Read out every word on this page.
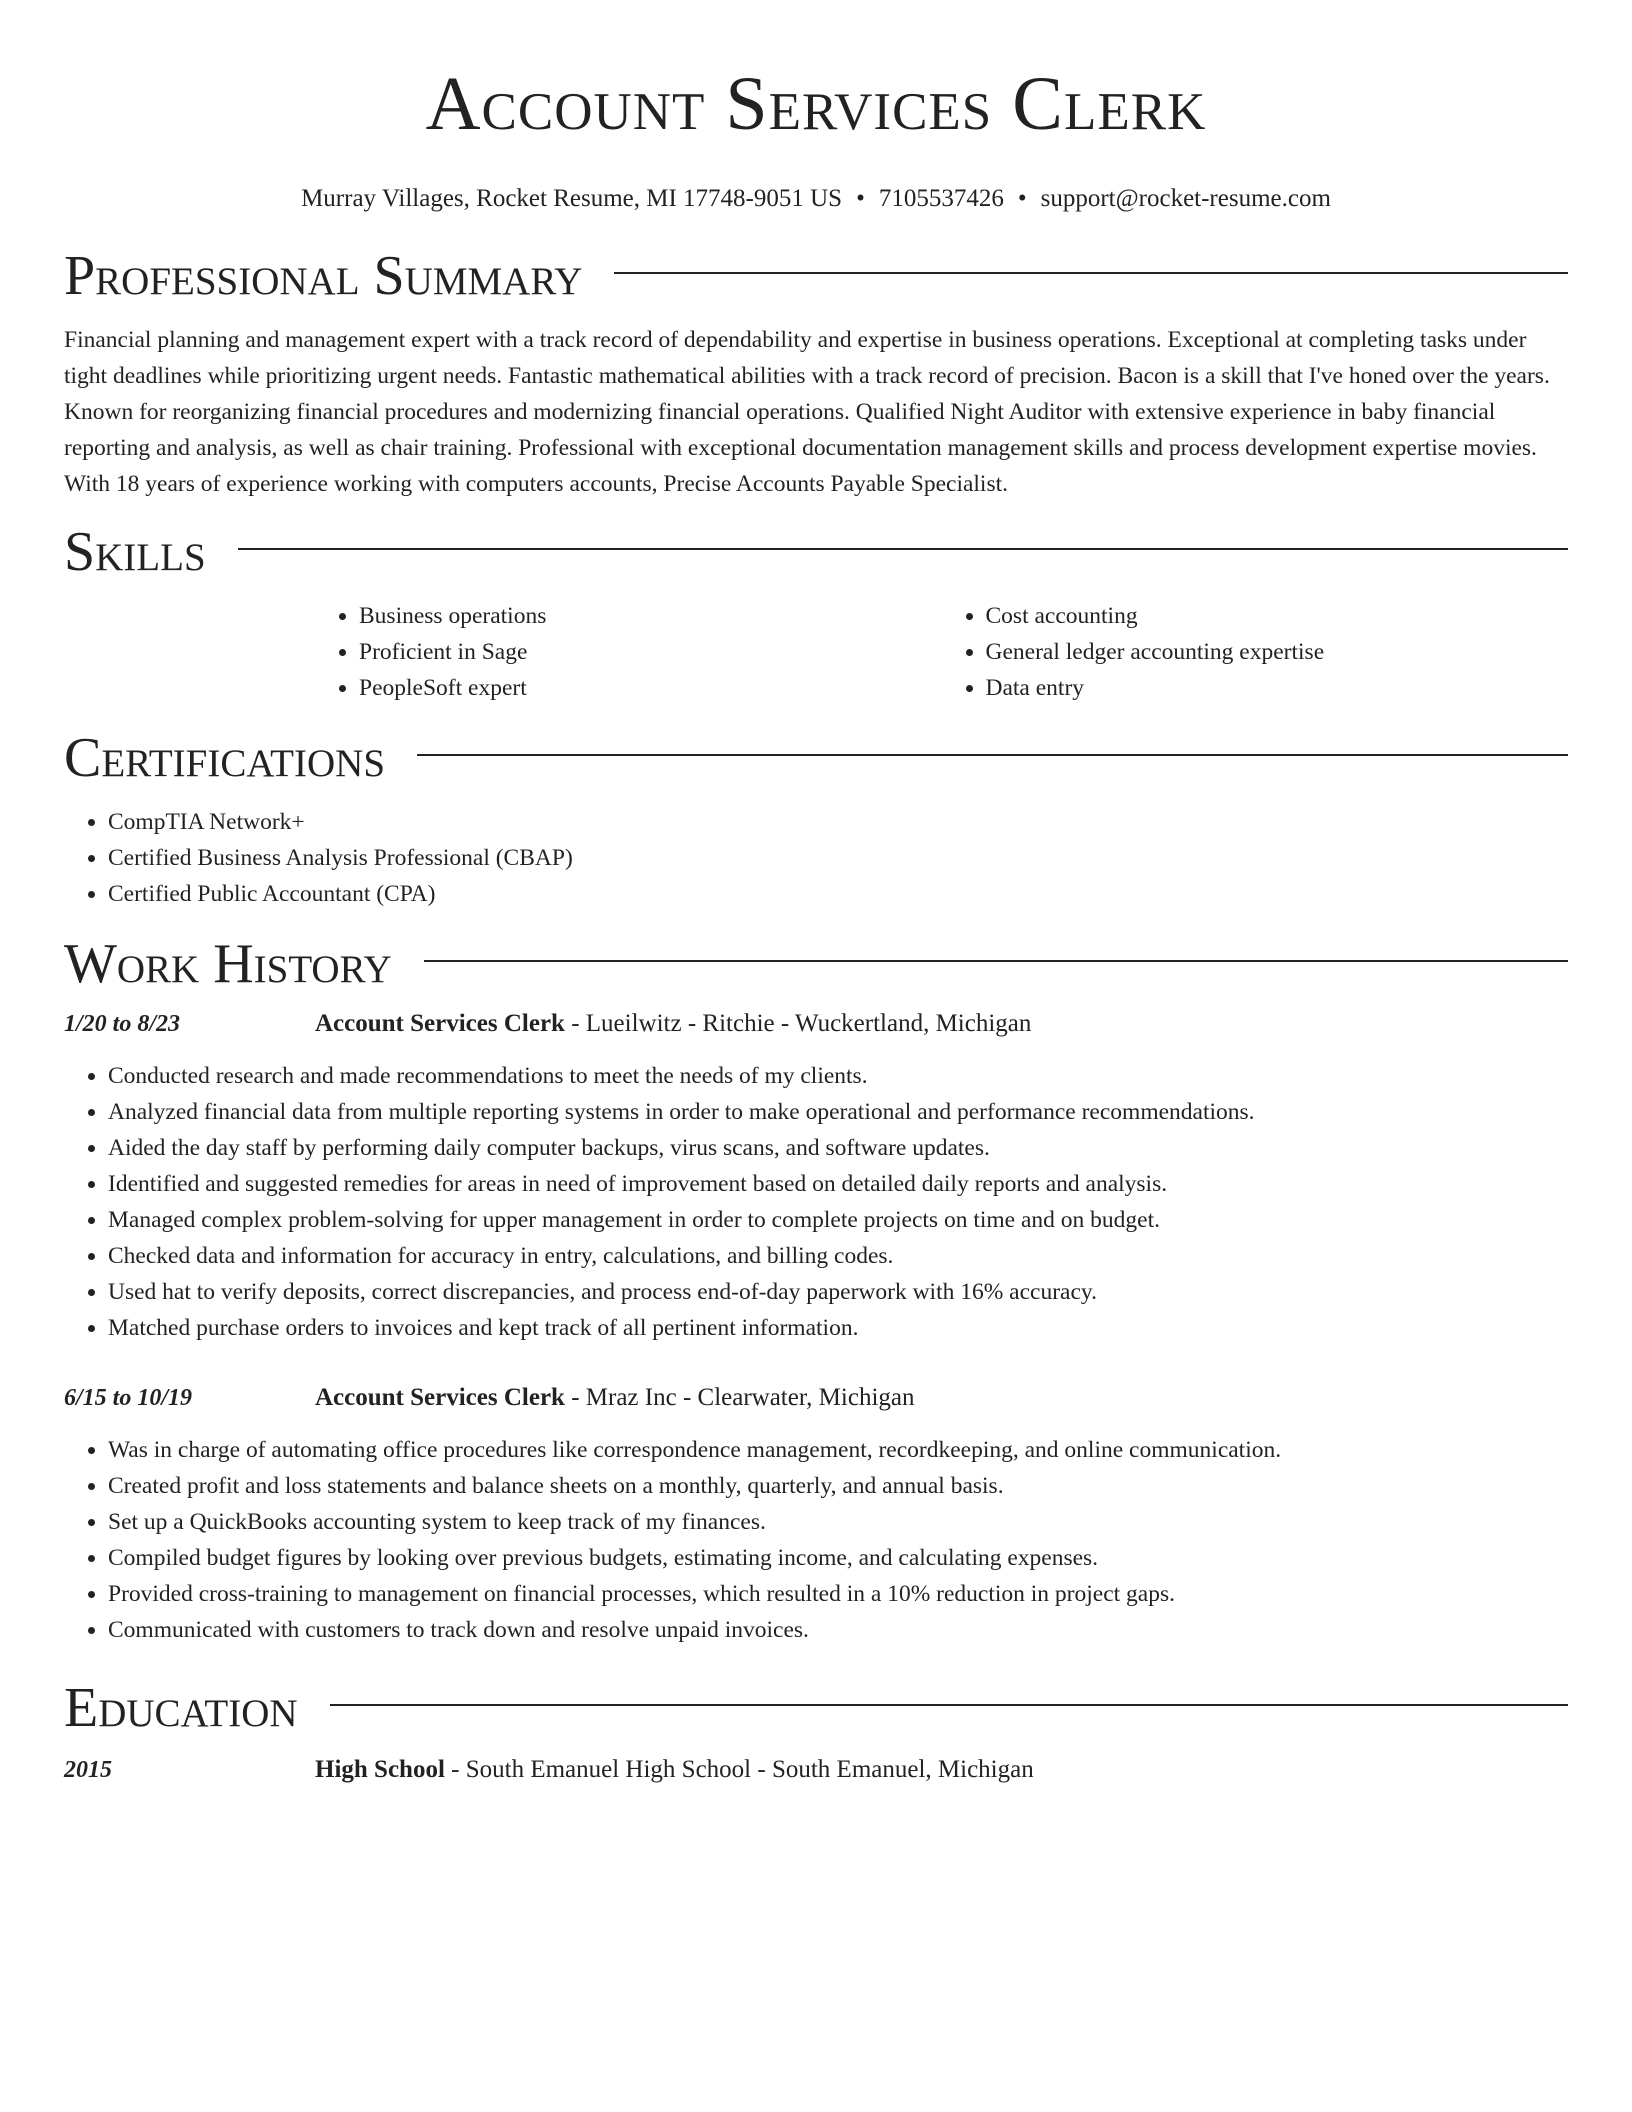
Account Services Clerk
Murray Villages, Rocket Resume, MI 17748-9051 US • 7105537426 • support@rocket-resume.com
Professional Summary

Financial planning and management expert with a track record of dependability and expertise in business operations. Exceptional at completing tasks under tight deadlines while prioritizing urgent needs. Fantastic mathematical abilities with a track record of precision. Bacon is a skill that I've honed over the years. Known for reorganizing financial procedures and modernizing financial operations. Qualified Night Auditor with extensive experience in baby financial reporting and analysis, as well as chair training. Professional with exceptional documentation management skills and process development expertise movies. With 18 years of experience working with computers accounts, Precise Accounts Payable Specialist.

Skills
• Business operations
• Proficient in Sage
• PeopleSoft expert
• Cost accounting
• General ledger accounting expertise
• Data entry
Certifications
• CompTIA Network+
• Certified Business Analysis Professional (CBAP)
• Certified Public Accountant (CPA)
Work History
1/20 to 8/23	Account Services Clerk - Lueilwitz - Ritchie - Wuckertland, Michigan
• Conducted research and made recommendations to meet the needs of my clients.
• Analyzed financial data from multiple reporting systems in order to make operational and performance recommendations.
• Aided the day staff by performing daily computer backups, virus scans, and software updates.
• Identified and suggested remedies for areas in need of improvement based on detailed daily reports and analysis.
• Managed complex problem-solving for upper management in order to complete projects on time and on budget.
• Checked data and information for accuracy in entry, calculations, and billing codes.
• Used hat to verify deposits, correct discrepancies, and process end-of-day paperwork with 16% accuracy.
• Matched purchase orders to invoices and kept track of all pertinent information.
6/15 to 10/19	Account Services Clerk - Mraz Inc - Clearwater, Michigan
• Was in charge of automating office procedures like correspondence management, recordkeeping, and online communication.
• Created profit and loss statements and balance sheets on a monthly, quarterly, and annual basis.
• Set up a QuickBooks accounting system to keep track of my finances.
• Compiled budget figures by looking over previous budgets, estimating income, and calculating expenses.
• Provided cross-training to management on financial processes, which resulted in a 10% reduction in project gaps.
• Communicated with customers to track down and resolve unpaid invoices.
Education
2015	High School - South Emanuel High School - South Emanuel, Michigan
